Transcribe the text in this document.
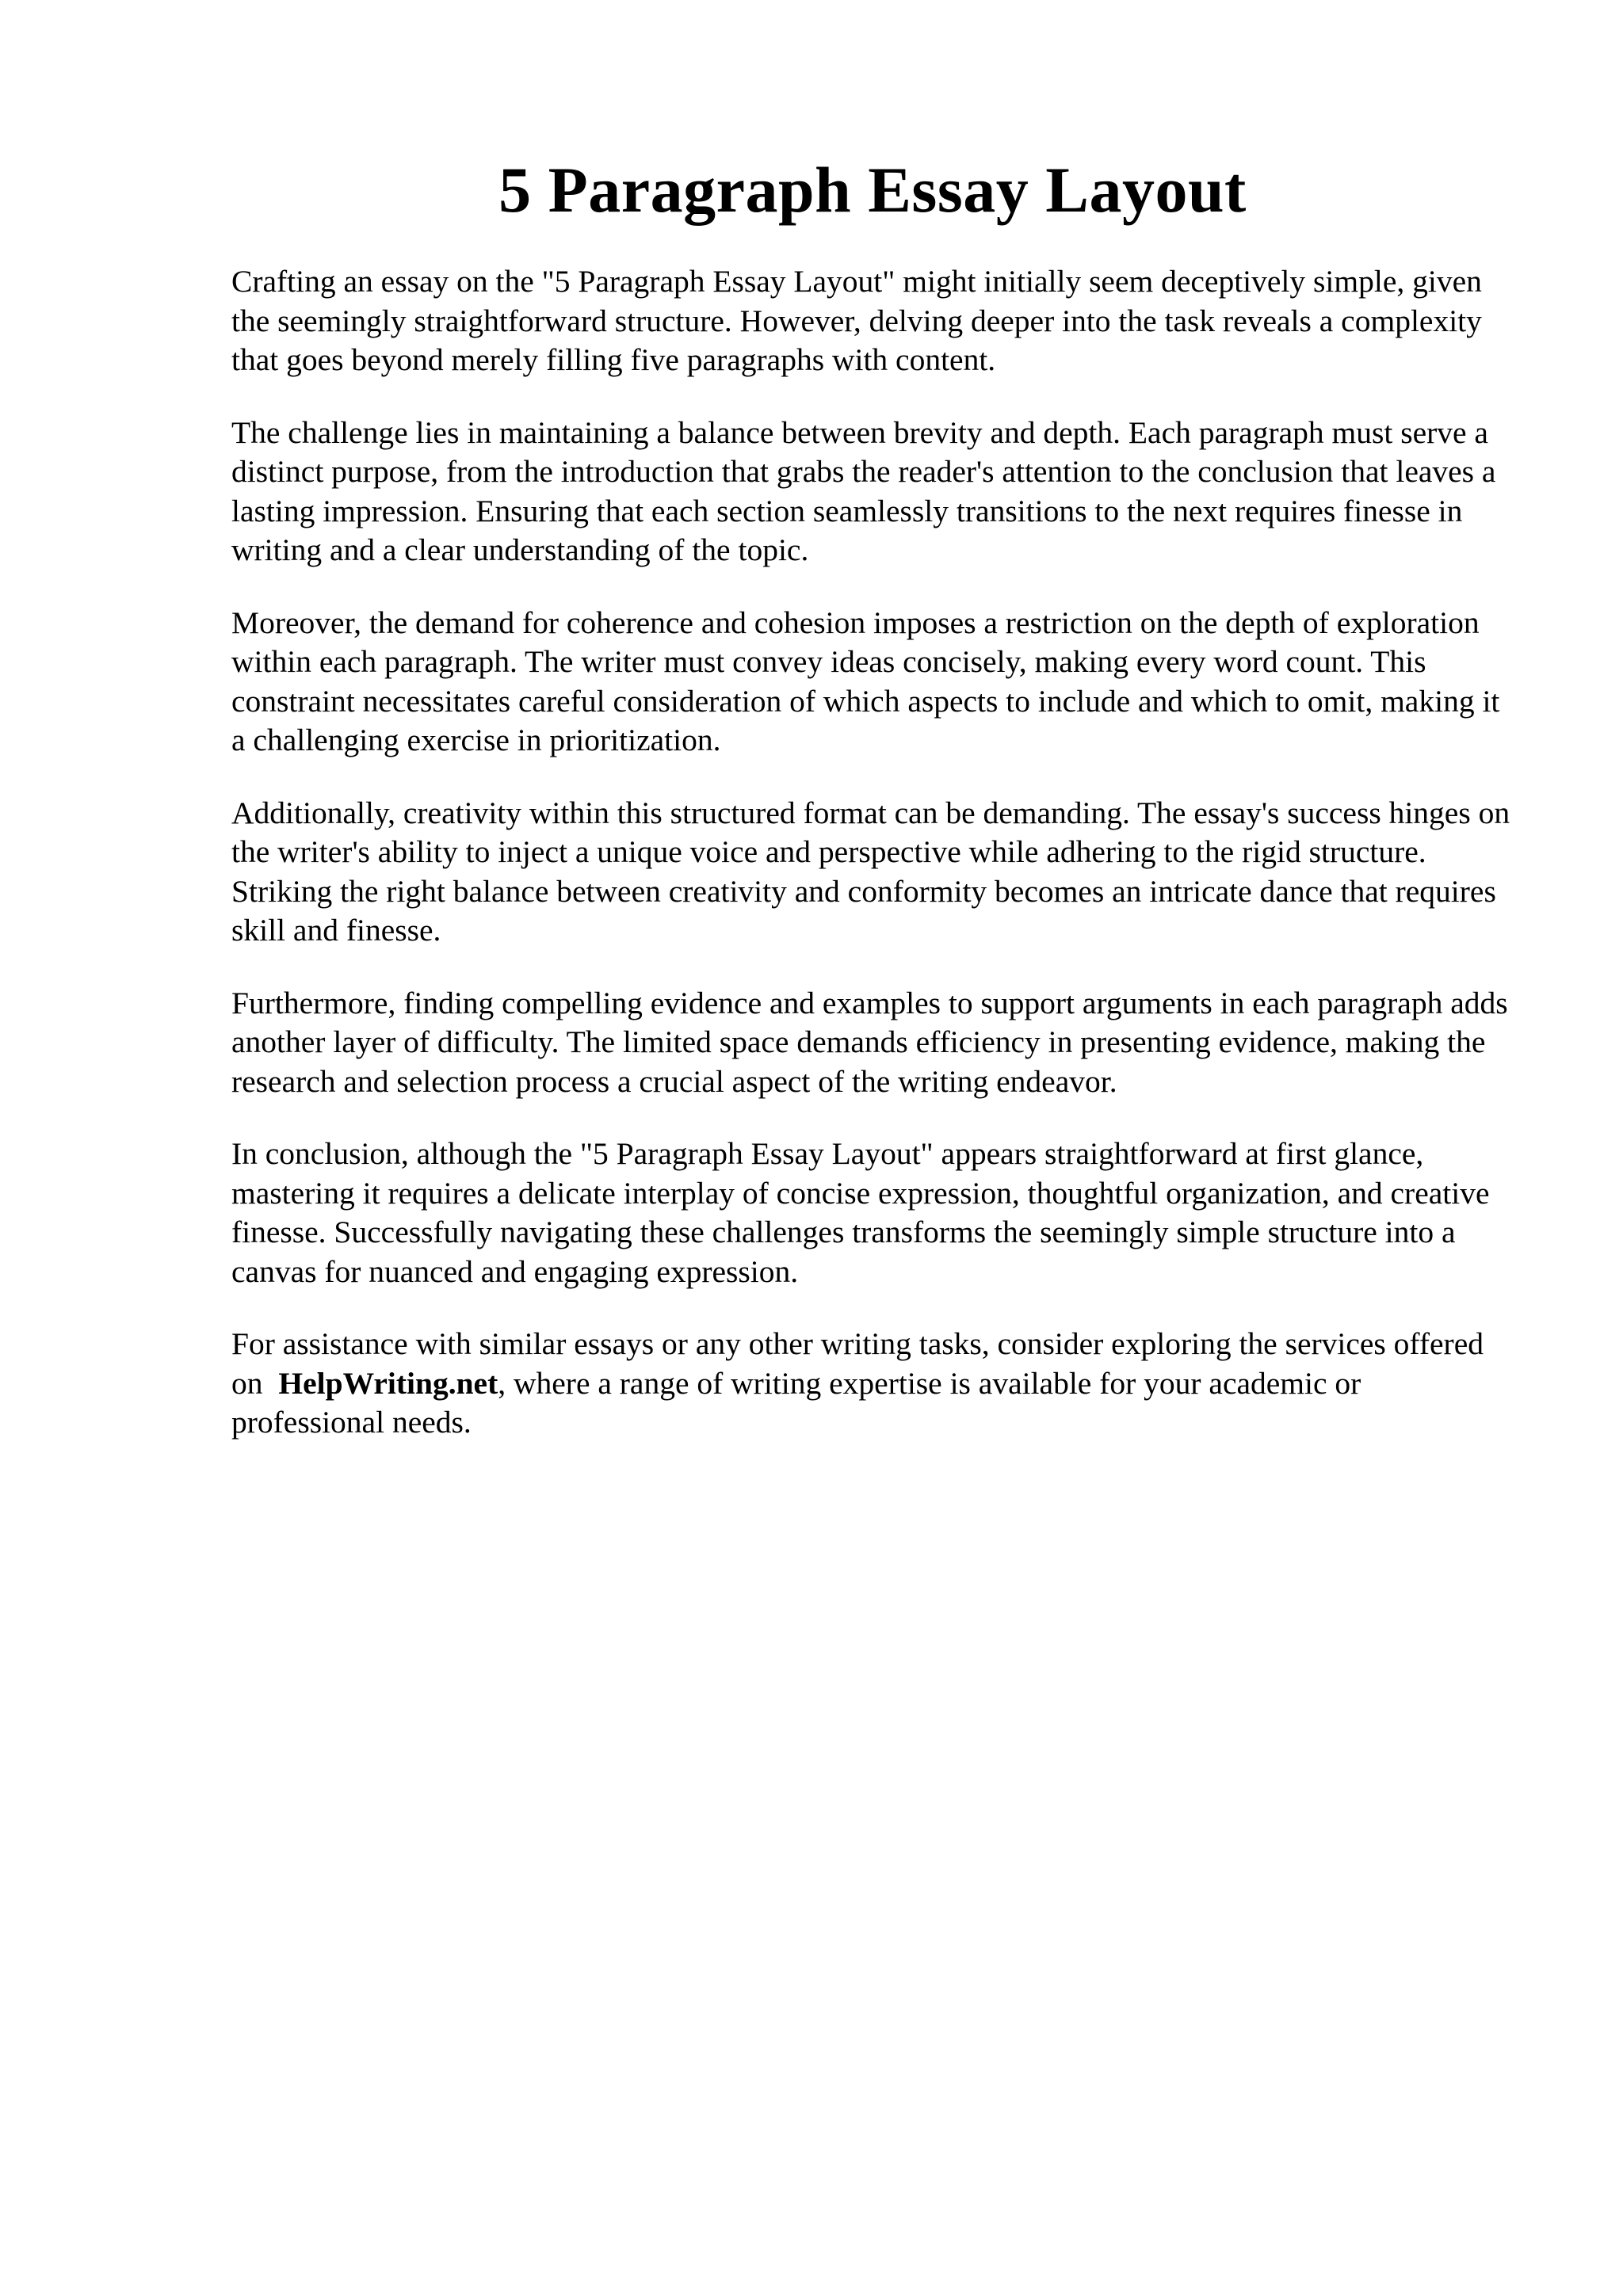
5 Paragraph Essay Layout

Crafting an essay on the "5 Paragraph Essay Layout" might initially seem deceptively simple, given the seemingly straightforward structure. However, delving deeper into the task reveals a complexity that goes beyond merely filling five paragraphs with content.

The challenge lies in maintaining a balance between brevity and depth. Each paragraph must serve a distinct purpose, from the introduction that grabs the reader's attention to the conclusion that leaves a lasting impression. Ensuring that each section seamlessly transitions to the next requires finesse in writing and a clear understanding of the topic.

Moreover, the demand for coherence and cohesion imposes a restriction on the depth of exploration within each paragraph. The writer must convey ideas concisely, making every word count. This constraint necessitates careful consideration of which aspects to include and which to omit, making it a challenging exercise in prioritization.

Additionally, creativity within this structured format can be demanding. The essay's success hinges on the writer's ability to inject a unique voice and perspective while adhering to the rigid structure. Striking the right balance between creativity and conformity becomes an intricate dance that requires skill and finesse.

Furthermore, finding compelling evidence and examples to support arguments in each paragraph adds another layer of difficulty. The limited space demands efficiency in presenting evidence, making the research and selection process a crucial aspect of the writing endeavor.

In conclusion, although the "5 Paragraph Essay Layout" appears straightforward at first glance, mastering it requires a delicate interplay of concise expression, thoughtful organization, and creative finesse. Successfully navigating these challenges transforms the seemingly simple structure into a canvas for nuanced and engaging expression.

For assistance with similar essays or any other writing tasks, consider exploring the services offered on HelpWriting.net, where a range of writing expertise is available for your academic or professional needs.
